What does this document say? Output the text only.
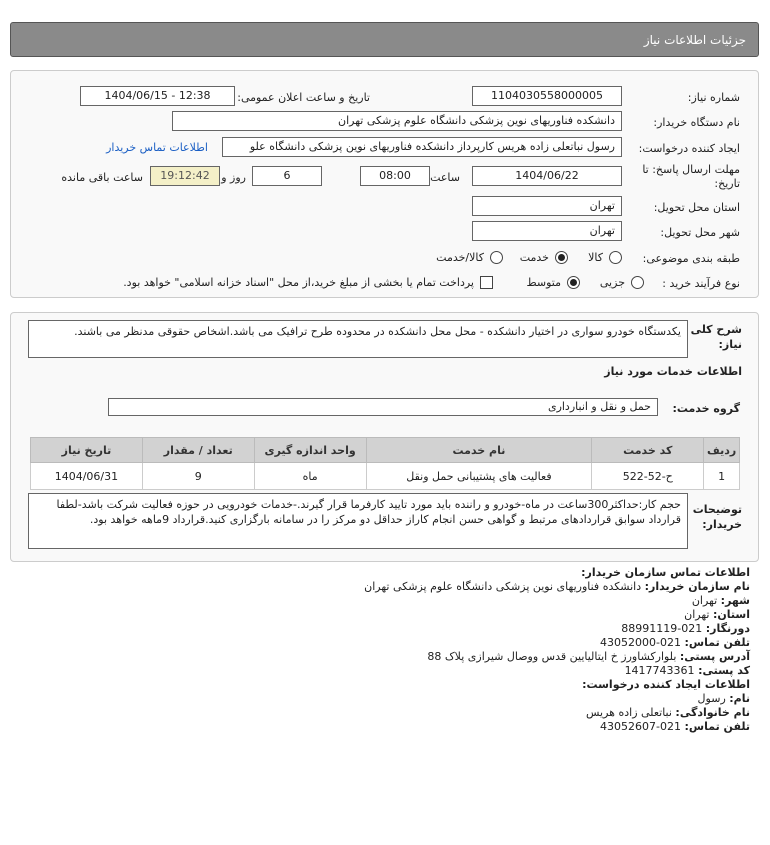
جزئیات اطلاعات نیاز
شماره نیاز:
1104030558000005
تاریخ و ساعت اعلان عمومی:
1404/06/15 - 12:38
نام دستگاه خریدار:
دانشکده فناوریهای نوین پزشکی دانشگاه علوم پزشکی تهران
ایجاد کننده درخواست:
رسول نباتعلی زاده هریس کارپرداز دانشکده فناوریهای نوین پزشکی دانشگاه علو
اطلاعات تماس خریدار
مهلت ارسال پاسخ: تا
تاریخ:
1404/06/22
ساعت
08:00
6
روز و
19:12:42
ساعت باقی مانده
استان محل تحویل:
تهران
شهر محل تحویل:
تهران
طبقه بندی موضوعی:
کالا
خدمت
کالا/خدمت
نوع فرآیند خرید :
جزیی
متوسط
پرداخت تمام یا بخشی از مبلغ خرید،از محل "اسناد خزانه اسلامی" خواهد بود.
شرح کلی
نیاز:
یکدستگاه خودرو سواری در اختیار دانشکده - محل محل دانشکده در محدوده طرح ترافیک می باشد.اشخاص حقوقی مدنظر می باشند.
اطلاعات خدمات مورد نیاز
گروه خدمت:
حمل و نقل و انبارداری
توضیحات
خریدار:
حجم کار:حداکثر300ساعت در ماه-خودرو و راننده باید مورد تایید کارفرما قرار گیرند.-خدمات خودرویی در حوزه فعالیت شرکت باشد-لطفا قرارداد سوابق قراردادهای مرتبط و گواهی حسن انجام کاراز حداقل دو مرکز را در سامانه بارگزاری کنید.قرارداد 9ماهه خواهد بود.
ردیف	کد خدمت	نام خدمت	واحد اندازه گیری	تعداد / مقدار	تاریخ نیاز
1	ح-52-522	فعالیت های پشتیبانی حمل ونقل	ماه	9	1404/06/31
اطلاعات تماس سازمان خریدار:
نام سازمان خریدار: دانشکده فناوریهای نوین پزشکی دانشگاه علوم پزشکی تهران
شهر: تهران
استان: تهران
دورنگار: 021-88991119
تلفن تماس: 021-43052000
آدرس پستی: بلوارکشاورز خ ایتالیایین قدس ووصال شیرازی پلاک 88
کد پستی: 1417743361
اطلاعات ایجاد کننده درخواست:
نام: رسول
نام خانوادگی: نباتعلی زاده هریس
تلفن تماس: 021-43052607
